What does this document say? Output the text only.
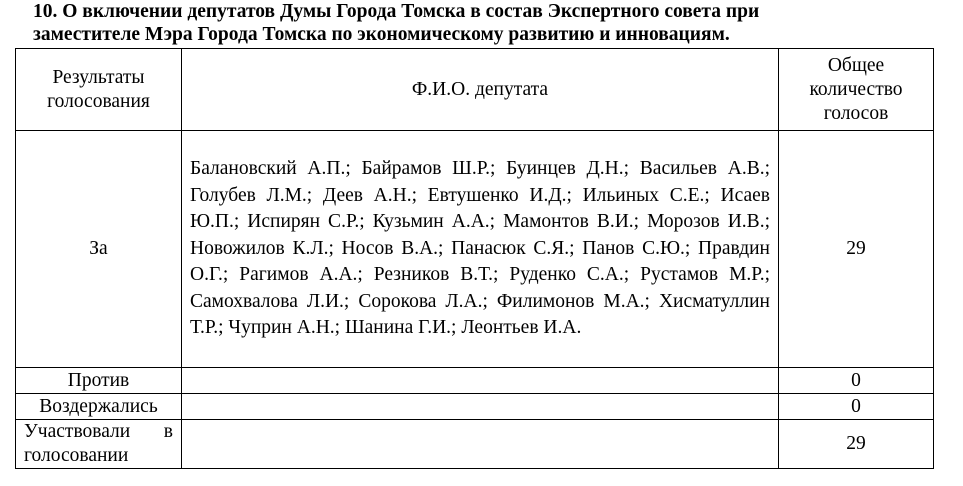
10. О включении депутатов Думы Города Томска в состав Экспертного совета при
заместителе Мэра Города Томска по экономическому развитию и инновациям.
Результаты голосования	Ф.И.О. депутата	Общее количество голосов
За	Балановский А.П.; Байрамов Ш.Р.; Буинцев Д.Н.; Васильев А.В.; Голубев Л.М.; Деев А.Н.; Евтушенко И.Д.; Ильиных С.Е.; Исаев Ю.П.; Испирян С.Р.; Кузьмин А.А.; Мамонтов В.И.; Морозов И.В.; Новожилов К.Л.; Носов В.А.; Панасюк С.Я.; Панов С.Ю.; Правдин О.Г.; Рагимов А.А.; Резников В.Т.; Руденко С.А.; Рустамов М.Р.; Самохвалова Л.И.; Сорокова Л.А.; Филимонов М.А.; Хисматуллин Т.Р.; Чуприн А.Н.; Шанина Г.И.; Леонтьев И.А.	29
Против		0
Воздержались		0
Участвовали в голосовании		29
